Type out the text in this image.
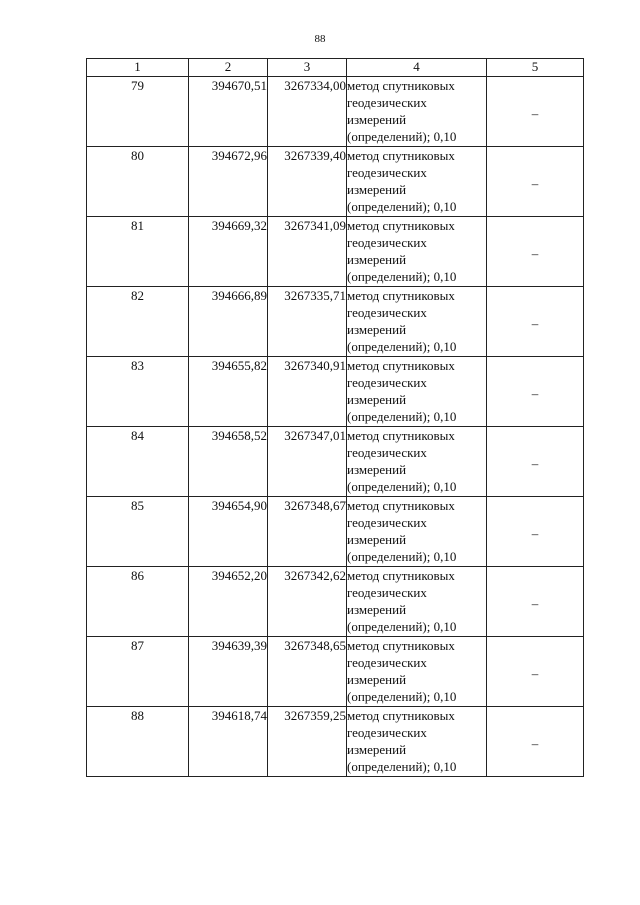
88
1	2	3	4	5
79	394670,51	3267334,00	метод спутниковых геодезических измерений (определений); 0,10	–
80	394672,96	3267339,40	метод спутниковых геодезических измерений (определений); 0,10	–
81	394669,32	3267341,09	метод спутниковых геодезических измерений (определений); 0,10	–
82	394666,89	3267335,71	метод спутниковых геодезических измерений (определений); 0,10	–
83	394655,82	3267340,91	метод спутниковых геодезических измерений (определений); 0,10	–
84	394658,52	3267347,01	метод спутниковых геодезических измерений (определений); 0,10	–
85	394654,90	3267348,67	метод спутниковых геодезических измерений (определений); 0,10	–
86	394652,20	3267342,62	метод спутниковых геодезических измерений (определений); 0,10	–
87	394639,39	3267348,65	метод спутниковых геодезических измерений (определений); 0,10	–
88	394618,74	3267359,25	метод спутниковых геодезических измерений (определений); 0,10	–
